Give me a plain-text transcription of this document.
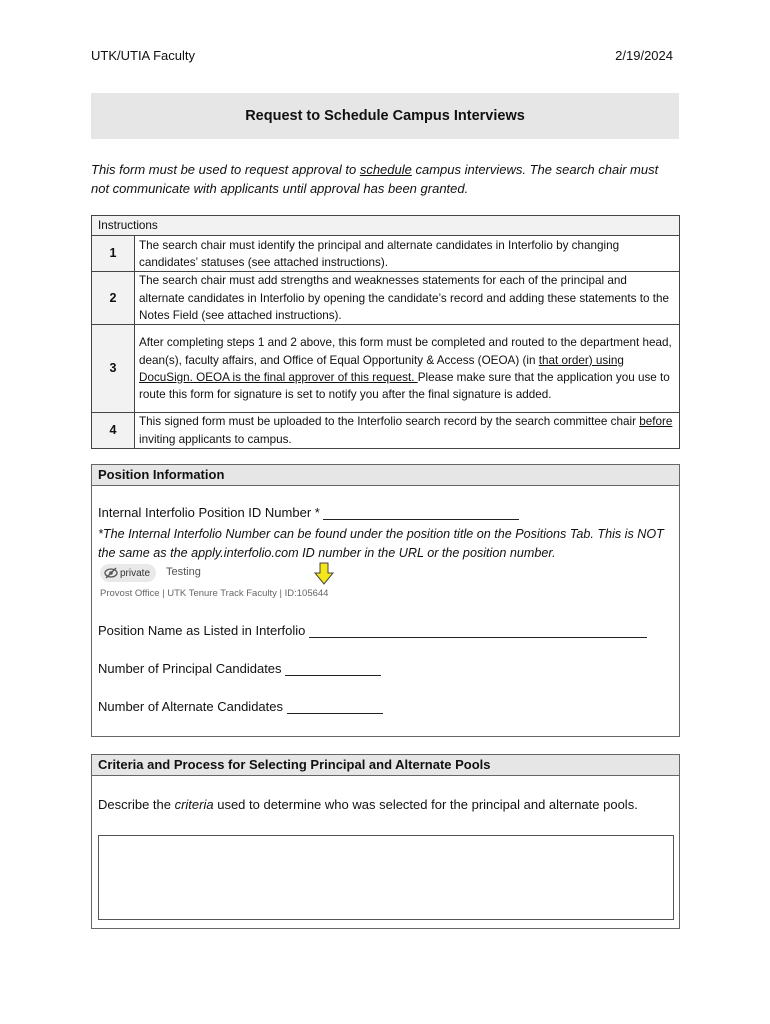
UTK/UTIA Faculty	2/19/2024
Request to Schedule Campus Interviews
This form must be used to request approval to schedule campus interviews. The search chair must not communicate with applicants until approval has been granted.
Instructions	
1	The search chair must identify the principal and alternate candidates in Interfolio by changing candidates’ statuses (see attached instructions).
2	The search chair must add strengths and weaknesses statements for each of the principal and alternate candidates in Interfolio by opening the candidate’s record and adding these statements to the Notes Field (see attached instructions).
3	After completing steps 1 and 2 above, this form must be completed and routed to the department head, dean(s), faculty affairs, and Office of Equal Opportunity & Access (OEOA) (in that order) using DocuSign. OEOA is the final approver of this request. Please make sure that the application you use to route this form for signature is set to notify you after the final signature is added.
4	This signed form must be uploaded to the Interfolio search record by the search committee chair before inviting applicants to campus.
Position Information
Internal Interfolio Position ID Number *
*The Internal Interfolio Number can be found under the position title on the Positions Tab. This is NOT the same as the apply.interfolio.com ID number in the URL or the position number.
private Testing
Provost Office | UTK Tenure Track Faculty | ID:105644
Position Name as Listed in Interfolio
Number of Principal Candidates
Number of Alternate Candidates
Criteria and Process for Selecting Principal and Alternate Pools
Describe the criteria used to determine who was selected for the principal and alternate pools.
